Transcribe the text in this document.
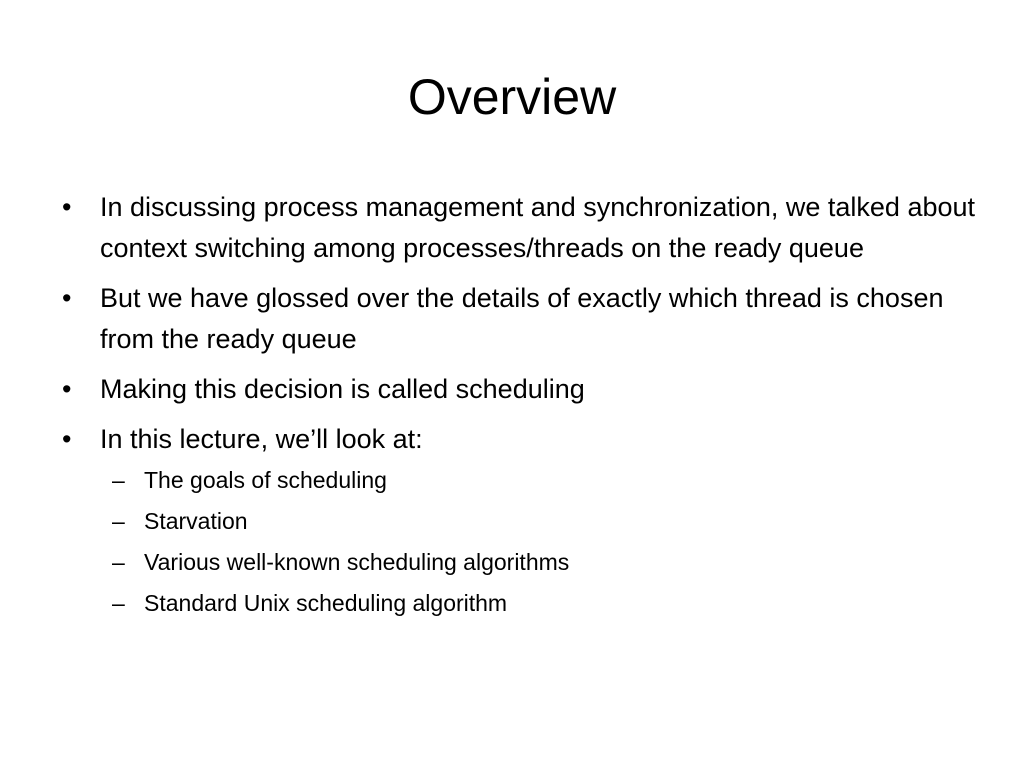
Overview
•	In discussing process management and synchronization, we talked about context switching among processes/threads on the ready queue
•	But we have glossed over the details of exactly which thread is chosen from the ready queue
•	Making this decision is called scheduling
•	In this lecture, we’ll look at:
– The goals of scheduling
– Starvation
– Various well-known scheduling algorithms
– Standard Unix scheduling algorithm
